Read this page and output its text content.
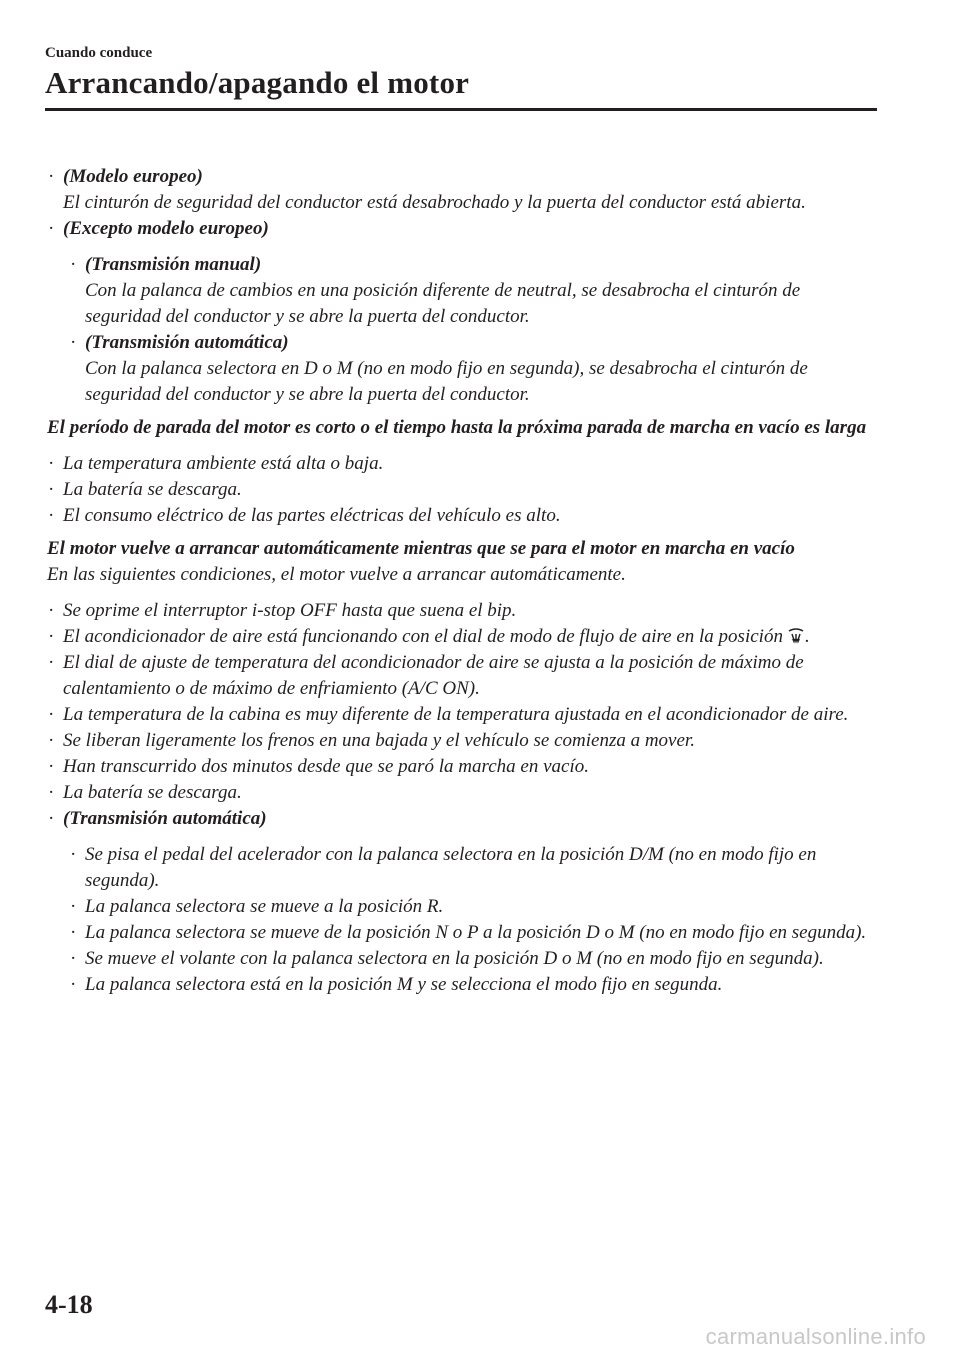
Cuando conduce
Arrancando/apagando el motor
· (Modelo europeo)
El cinturón de seguridad del conductor está desabrochado y la puerta del conductor está abierta.
· (Excepto modelo europeo)
· (Transmisión manual)
Con la palanca de cambios en una posición diferente de neutral, se desabrocha el cinturón de seguridad del conductor y se abre la puerta del conductor.
· (Transmisión automática)
Con la palanca selectora en D o M (no en modo fijo en segunda), se desabrocha el cinturón de seguridad del conductor y se abre la puerta del conductor.
El período de parada del motor es corto o el tiempo hasta la próxima parada de marcha en vacío es larga
· La temperatura ambiente está alta o baja.
· La batería se descarga.
· El consumo eléctrico de las partes eléctricas del vehículo es alto.
El motor vuelve a arrancar automáticamente mientras que se para el motor en marcha en vacío
En las siguientes condiciones, el motor vuelve a arrancar automáticamente.
· Se oprime el interruptor i-stop OFF hasta que suena el bip.
· El acondicionador de aire está funcionando con el dial de modo de flujo de aire en la posición .
· El dial de ajuste de temperatura del acondicionador de aire se ajusta a la posición de máximo de calentamiento o de máximo de enfriamiento (A/C ON).
· La temperatura de la cabina es muy diferente de la temperatura ajustada en el acondicionador de aire.
· Se liberan ligeramente los frenos en una bajada y el vehículo se comienza a mover.
· Han transcurrido dos minutos desde que se paró la marcha en vacío.
· La batería se descarga.
· (Transmisión automática)
· Se pisa el pedal del acelerador con la palanca selectora en la posición D/M (no en modo fijo en segunda).
· La palanca selectora se mueve a la posición R.
· La palanca selectora se mueve de la posición N o P a la posición D o M (no en modo fijo en segunda).
· Se mueve el volante con la palanca selectora en la posición D o M (no en modo fijo en segunda).
· La palanca selectora está en la posición M y se selecciona el modo fijo en segunda.
4-18
carmanualsonline.info
